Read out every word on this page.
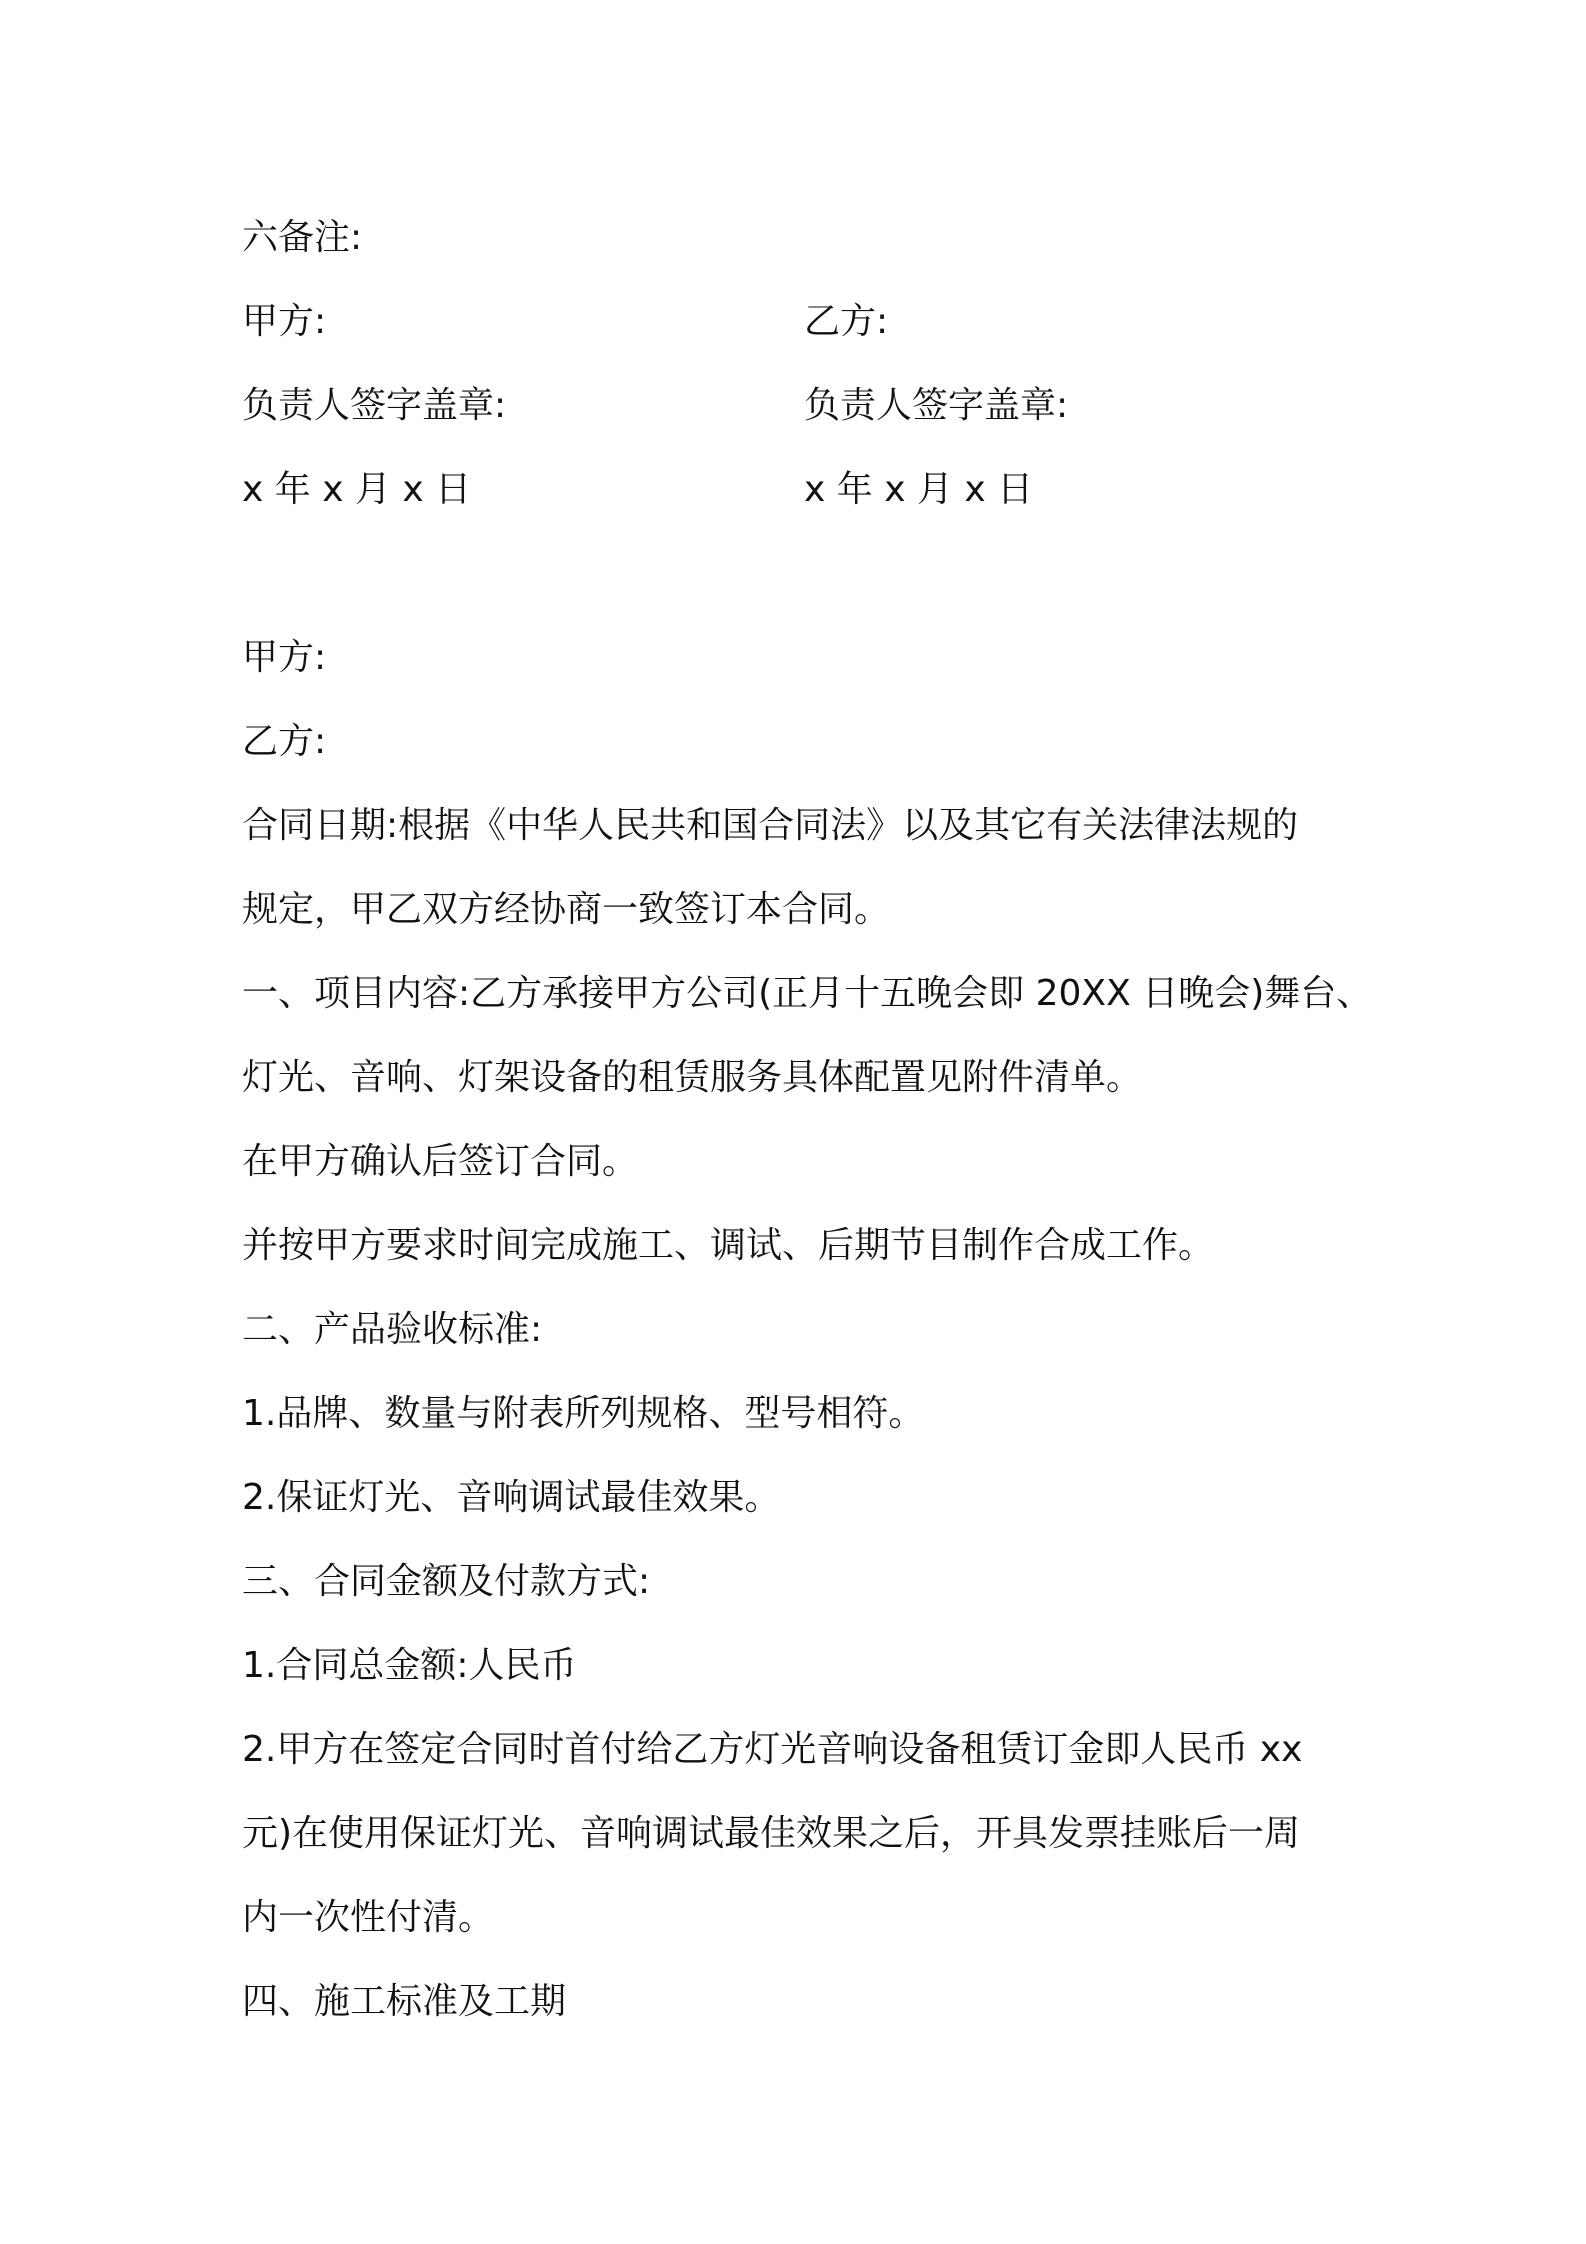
六备注:
甲方:	乙方:
负责人签字盖章:	负责人签字盖章:
x 年 x 月 x 日	x 年 x 月 x 日
甲方:
乙方:
合同日期:根据《中华人民共和国合同法》以及其它有关法律法规的
规定，甲乙双方经协商一致签订本合同。
一、项目内容:乙方承接甲方公司(正月十五晚会即 20XX 日晚会)舞台、
灯光、音响、灯架设备的租赁服务具体配置见附件清单。
在甲方确认后签订合同。
并按甲方要求时间完成施工、调试、后期节目制作合成工作。
二、产品验收标准:
1.品牌、数量与附表所列规格、型号相符。
2.保证灯光、音响调试最佳效果。
三、合同金额及付款方式:
1.合同总金额:人民币
2.甲方在签定合同时首付给乙方灯光音响设备租赁订金即人民币 xx
元)在使用保证灯光、音响调试最佳效果之后，开具发票挂账后一周
内一次性付清。
四、施工标准及工期
